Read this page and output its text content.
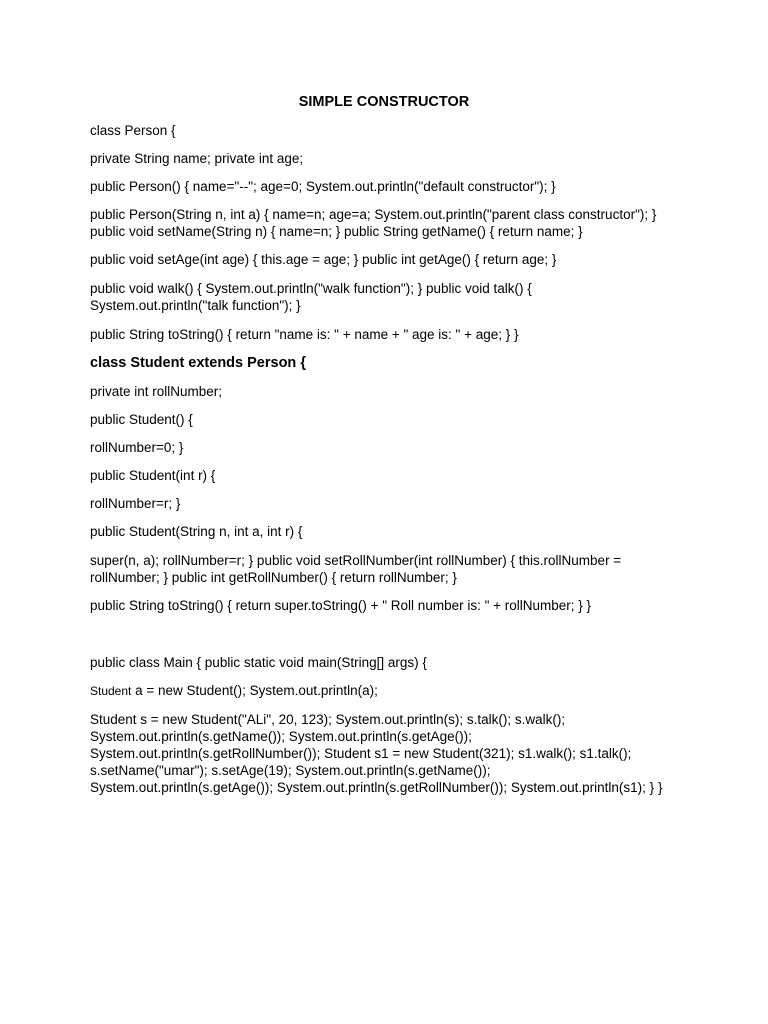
SIMPLE CONSTRUCTOR
class Person {
private String name; private int age;
public Person() { name="--"; age=0; System.out.println("default constructor"); }
public Person(String n, int a) { name=n; age=a; System.out.println("parent class constructor"); }
public void setName(String n) { name=n; } public String getName() { return name; }
public void setAge(int age) { this.age = age; } public int getAge() { return age; }
public void walk() { System.out.println("walk function"); } public void talk() {
System.out.println("talk function"); }
public String toString() { return "name is: " + name + " age is: " + age; } }
class Student extends Person {
private int rollNumber;
public Student() {
rollNumber=0; }
public Student(int r) {
rollNumber=r; }
public Student(String n, int a, int r) {
super(n, a); rollNumber=r; } public void setRollNumber(int rollNumber) { this.rollNumber =
rollNumber; } public int getRollNumber() { return rollNumber; }
public String toString() { return super.toString() + " Roll number is: " + rollNumber; } }
public class Main { public static void main(String[] args) {
Student a = new Student(); System.out.println(a);
Student s = new Student("ALi", 20, 123); System.out.println(s); s.talk(); s.walk();
System.out.println(s.getName()); System.out.println(s.getAge());
System.out.println(s.getRollNumber()); Student s1 = new Student(321); s1.walk(); s1.talk();
s.setName("umar"); s.setAge(19); System.out.println(s.getName());
System.out.println(s.getAge()); System.out.println(s.getRollNumber()); System.out.println(s1); } }
